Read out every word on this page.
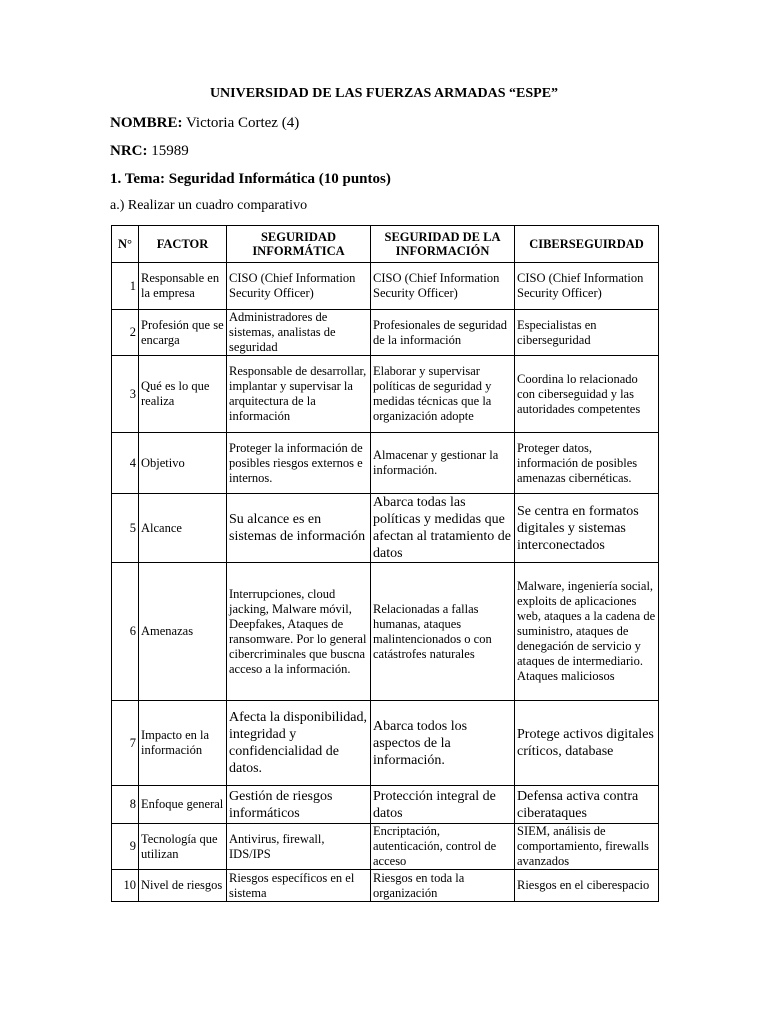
UNIVERSIDAD DE LAS FUERZAS ARMADAS “ESPE”
NOMBRE: Victoria Cortez (4)
NRC: 15989
1. Tema: Seguridad Informática (10 puntos)
a.) Realizar un cuadro comparativo
N°	FACTOR	SEGURIDAD INFORMÁTICA	SEGURIDAD DE LA INFORMACIÓN	CIBERSEGUIRDAD
1	Responsable en la empresa	CISO (Chief Information Security Officer)	CISO (Chief Information Security Officer)	CISO (Chief Information Security Officer)
2	Profesión que se encarga	Administradores de sistemas, analistas de seguridad	Profesionales de seguridad de la información	Especialistas en ciberseguridad
3	Qué es lo que realiza	Responsable de desarrollar, implantar y supervisar la arquitectura de la información	Elaborar y supervisar políticas de seguridad y medidas técnicas que la organización adopte	Coordina lo relacionado con ciberseguidad y las autoridades competentes
4	Objetivo	Proteger la información de posibles riesgos externos e internos.	Almacenar y gestionar la información.	Proteger datos, información de posibles amenazas cibernéticas.
5	Alcance	Su alcance es en sistemas de información	Abarca todas las políticas y medidas que afectan al tratamiento de datos	Se centra en formatos digitales y sistemas interconectados
6	Amenazas	Interrupciones, cloud jacking, Malware móvil, Deepfakes, Ataques de ransomware. Por lo general cibercriminales que buscna acceso a la información.	Relacionadas a fallas humanas, ataques malintencionados o con catástrofes naturales	Malware, ingeniería social, exploits de aplicaciones web, ataques a la cadena de suministro, ataques de denegación de servicio y ataques de intermediario. Ataques maliciosos
7	Impacto en la información	Afecta la disponibilidad, integridad y confidencialidad de datos.	Abarca todos los aspectos de la información.	Protege activos digitales críticos, database
8	Enfoque general	Gestión de riesgos informáticos	Protección integral de datos	Defensa activa contra ciberataques
9	Tecnología que utilizan	Antivirus, firewall, IDS/IPS	Encriptación, autenticación, control de acceso	SIEM, análisis de comportamiento, firewalls avanzados
10	Nivel de riesgos	Riesgos específicos en el sistema	Riesgos en toda la organización	Riesgos en el ciberespacio
